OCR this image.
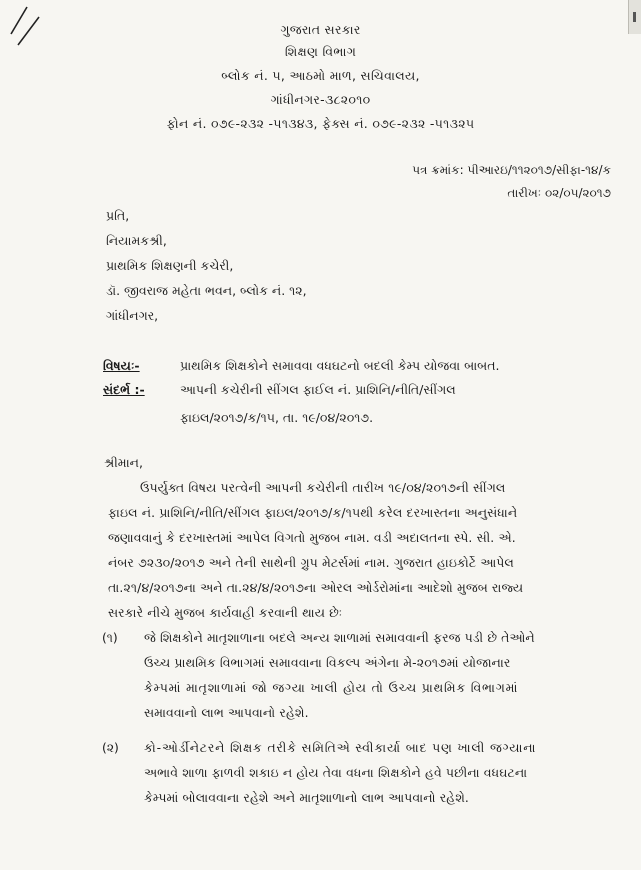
ગુજરાત સરકાર
શિક્ષણ વિભાગ
બ્લોક નં. ૫, આઠમો માળ, સચિવાલય,
ગાંધીનગર-૩૮૨૦૧૦
ફોન નં. ૦૭૯-૨૩૨ -૫૧૩૪૩, ફેક્સ નં. ૦૭૯-૨૩૨ -૫૧૩૨૫
પત્ર ક્રમાંક: પીઆરઇ/૧૧૨૦૧૭/સીફા-૧૪/ક
તારીખઃ ૦૨/૦૫/૨૦૧૭
પ્રતિ,
નિયામકશ્રી,
પ્રાથમિક શિક્ષણની કચેરી,
ડૉ. જીવરાજ મહેતા ભવન, બ્લોક નં. ૧૨,
ગાંધીનગર,
વિષયઃ-	પ્રાથમિક શિક્ષકોને સમાવવા વધઘટનો બદલી કેમ્પ યોજવા બાબત.
સંદર્ભ :-	આપની કચેરીની સીંગલ ફાઈલ નં. પ્રાશિનિ/નીતિ/સીંગલ
ફાઇલ/૨૦૧૭/ક/૧૫, તા. ૧૯/૦૪/૨૦૧૭.
શ્રીમાન,
ઉપર્યુક્ત વિષય પરત્વેની આપની કચેરીની તારીખ ૧૯/૦૪/૨૦૧૭ની સીંગલ
ફાઇલ નં. પ્રાશિનિ/નીતિ/સીંગલ ફાઇલ/૨૦૧૭/ક/૧૫થી કરેલ દરખાસ્તના અનુસંધાને
જણાવવાનું કે દરખાસ્તમાં આપેલ વિગતો મુજબ નામ. વડી અદાલતના સ્પે. સી. એ.
નંબર ૭૨૩૦/૨૦૧૭ અને તેની સાથેની ગ્રુપ મેટર્સમાં નામ. ગુજરાત હાઇકોર્ટે આપેલ
તા.૨૧/૪/૨૦૧૭ના અને તા.૨૪/૪/૨૦૧૭ના ઓરલ ઓર્ડરોમાંના આદેશો મુજબ રાજ્ય
સરકારે નીચે મુજબ કાર્યવાહી કરવાની થાય છેઃ
(૧) જે શિક્ષકોને માતૃશાળાના બદલે અન્ય શાળામાં સમાવવાની ફરજ પડી છે તેઓને
ઉચ્ચ પ્રાથમિક વિભાગમાં સમાવવાના વિકલ્પ અંગેના મે-૨૦૧૭માં યોજાનાર
કેમ્પમાં માતૃશાળામાં જો જગ્યા ખાલી હોય તો ઉચ્ચ પ્રાથમિક વિભાગમાં
સમાવવાનો લાભ આપવાનો રહેશે.
(૨) કો-ઓર્ડીનેટરને શિક્ષક તરીકે સમિતિએ સ્વીકાર્યા બાદ પણ ખાલી જગ્યાના
અભાવે શાળા ફાળવી શકાઇ ન હોય તેવા વધના શિક્ષકોને હવે પછીના વધઘટના
કેમ્પમાં બોલાવવાના રહેશે અને માતૃશાળાનો લાભ આપવાનો રહેશે.
